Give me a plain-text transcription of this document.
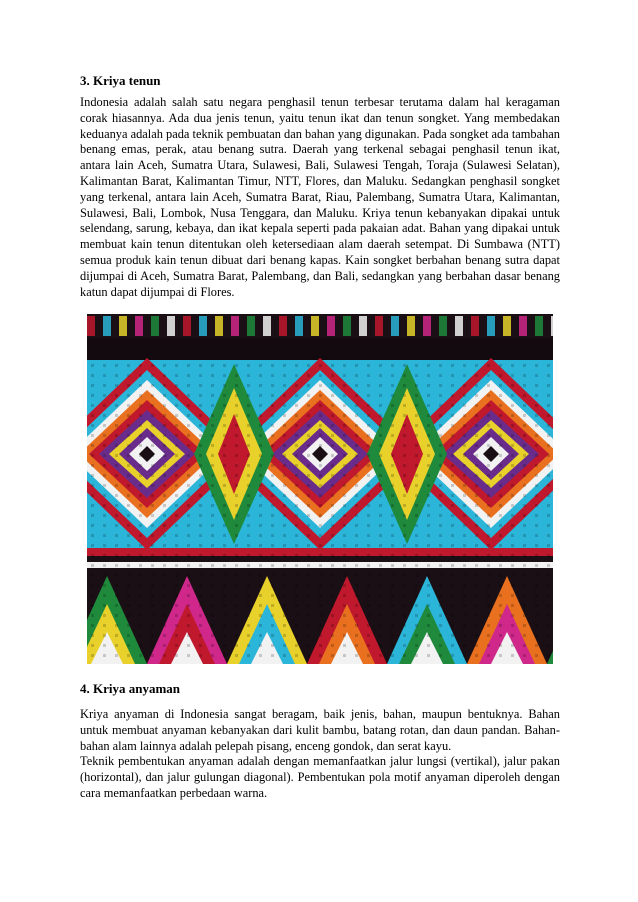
3. Kriya tenun

Indonesia adalah salah satu negara penghasil tenun terbesar terutama dalam hal keragaman corak hiasannya. Ada dua jenis tenun, yaitu tenun ikat dan tenun songket. Yang membedakan keduanya adalah pada teknik pembuatan dan bahan yang digunakan. Pada songket ada tambahan benang emas, perak, atau benang sutra. Daerah yang terkenal sebagai penghasil tenun ikat, antara lain Aceh, Sumatra Utara, Sulawesi, Bali, Sulawesi Tengah, Toraja (Sulawesi Selatan), Kalimantan Barat, Kalimantan Timur, NTT, Flores, dan Maluku. Sedangkan penghasil songket yang terkenal, antara lain Aceh, Sumatra Barat, Riau, Palembang, Sumatra Utara, Kalimantan, Sulawesi, Bali, Lombok, Nusa Tenggara, dan Maluku. Kriya tenun kebanyakan dipakai untuk selendang, sarung, kebaya, dan ikat kepala seperti pada pakaian adat. Bahan yang dipakai untuk membuat kain tenun ditentukan oleh ketersediaan alam daerah setempat. Di Sumbawa (NTT) semua produk kain tenun dibuat dari benang kapas. Kain songket berbahan benang sutra dapat dijumpai di Aceh, Sumatra Barat, Palembang, dan Bali, sedangkan yang berbahan dasar benang katun dapat dijumpai di Flores.

4. Kriya anyaman

Kriya anyaman di Indonesia sangat beragam, baik jenis, bahan, maupun bentuknya. Bahan untuk membuat anyaman kebanyakan dari kulit bambu, batang rotan, dan daun pandan. Bahan-bahan alam lainnya adalah pelepah pisang, enceng gondok, dan serat kayu.

Teknik pembentukan anyaman adalah dengan memanfaatkan jalur lungsi (vertikal), jalur pakan (horizontal), dan jalur gulungan diagonal). Pembentukan pola motif anyaman diperoleh dengan cara memanfaatkan perbedaan warna.
